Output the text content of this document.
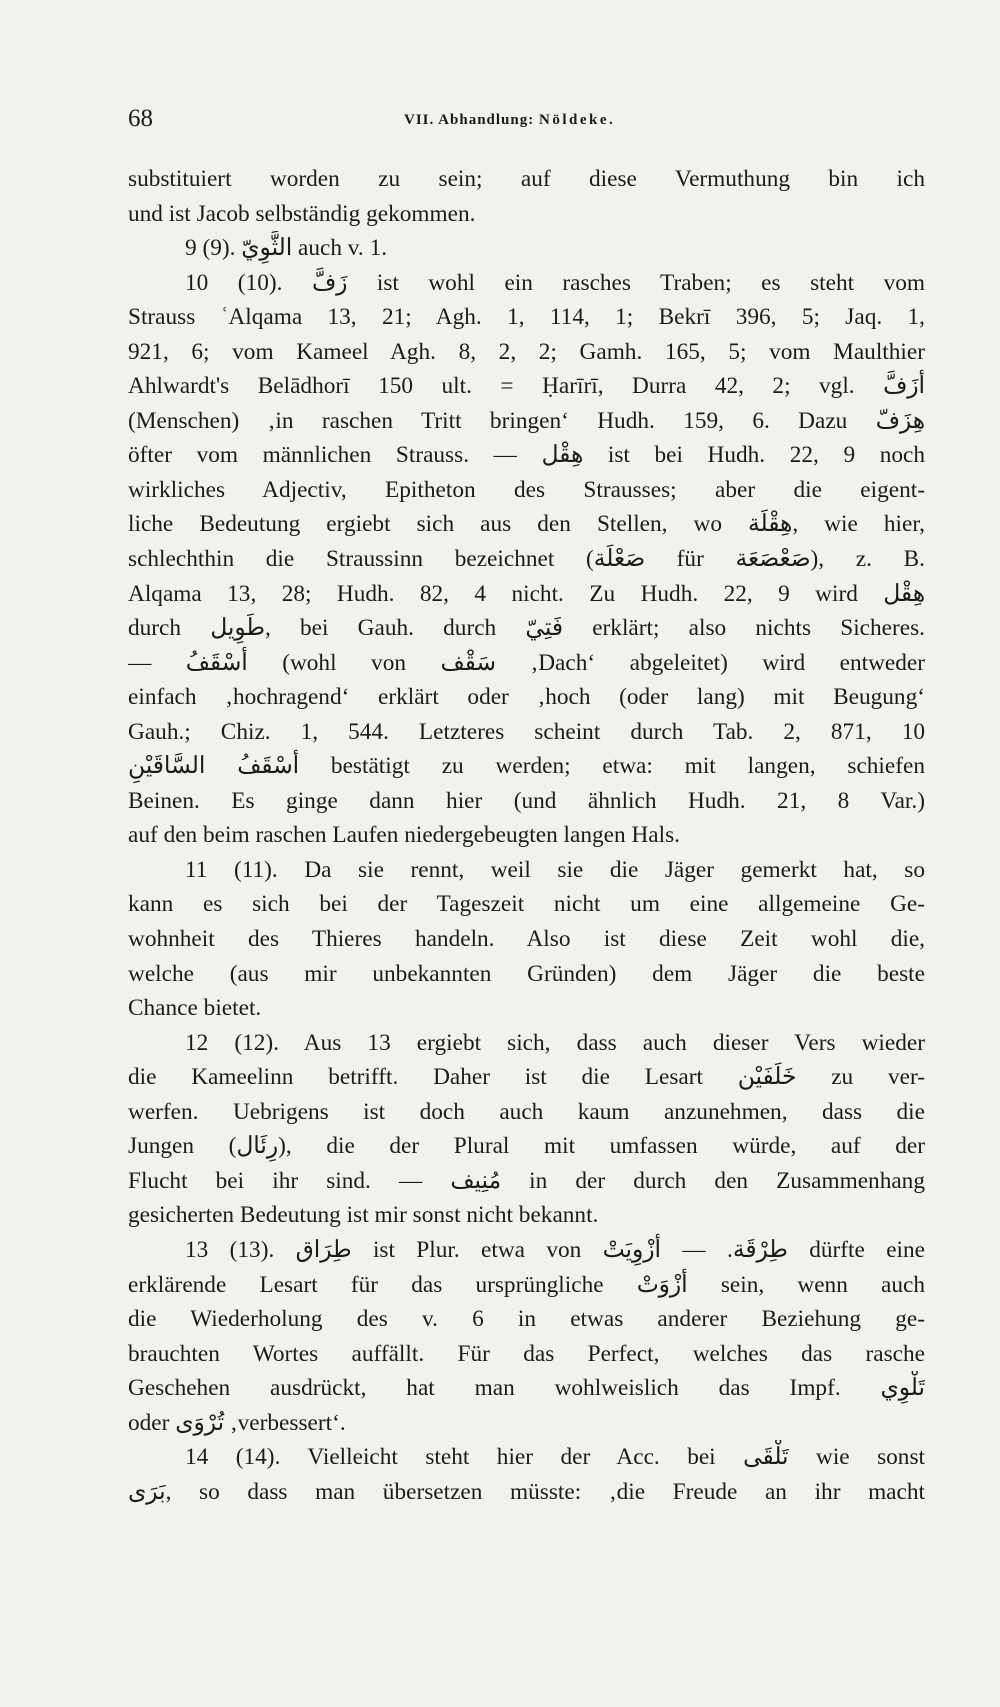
68	VII. Abhandlung: Nöldeke.
substituiert worden zu sein; auf diese Vermuthung bin ich
und ist Jacob selbständig gekommen.
9 (9). الثَّوِيّ auch v. 1.
10 (10). زَفَّ ist wohl ein rasches Traben; es steht vom
Strauss ʿAlqama 13, 21; Agh. 1, 114, 1; Bekrī 396, 5; Jaq. 1,
921, 6; vom Kameel Agh. 8, 2, 2; Gamh. 165, 5; vom Maulthier
Ahlwardt's Belādhorī 150 ult. = Ḥarīrī, Durra 42, 2; vgl. أَزَفَّ
(Menschen) ‚in raschen Tritt bringen‘ Hudh. 159, 6. Dazu هِزَفّ
öfter vom männlichen Strauss. — هِقْل ist bei Hudh. 22, 9 noch
wirkliches Adjectiv, Epitheton des Strausses; aber die eigent-
liche Bedeutung ergiebt sich aus den Stellen, wo هِقْلَة, wie hier,
schlechthin die Straussinn bezeichnet (صَعْلَة für صَعْصَعَة), z. B.
Alqama 13, 28; Hudh. 82, 4 nicht. Zu Hudh. 22, 9 wird هِقْل
durch طَوِيل, bei Gauh. durch فَتِيّ erklärt; also nichts Sicheres.
— أَسْقَفُ (wohl von سَقْف ‚Dach‘ abgeleitet) wird entweder
einfach ‚hochragend‘ erklärt oder ‚hoch (oder lang) mit Beugung‘
Gauh.; Chiz. 1, 544. Letzteres scheint durch Tab. 2, 871, 10
أَسْقَفُ السَّاقَيْنِ bestätigt zu werden; etwa: mit langen, schiefen
Beinen. Es ginge dann hier (und ähnlich Hudh. 21, 8 Var.)
auf den beim raschen Laufen niedergebeugten langen Hals.
11 (11). Da sie rennt, weil sie die Jäger gemerkt hat, so
kann es sich bei der Tageszeit nicht um eine allgemeine Ge-
wohnheit des Thieres handeln. Also ist diese Zeit wohl die,
welche (aus mir unbekannten Gründen) dem Jäger die beste
Chance bietet.
12 (12). Aus 13 ergiebt sich, dass auch dieser Vers wieder
die Kameelinn betrifft. Daher ist die Lesart خَلَفَيْن zu ver-
werfen. Uebrigens ist doch auch kaum anzunehmen, dass die
Jungen (رِئَال), die der Plural mit umfassen würde, auf der
Flucht bei ihr sind. — مُنِيف in der durch den Zusammenhang
gesicherten Bedeutung ist mir sonst nicht bekannt.
13 (13). طِرَاق ist Plur. etwa von طِرْقَة. — أُزْوِيَتْ dürfte eine
erklärende Lesart für das ursprüngliche أَزْوَتْ sein, wenn auch
die Wiederholung des v. 6 in etwas anderer Beziehung ge-
brauchten Wortes auffällt. Für das Perfect, welches das rasche
Geschehen ausdrückt, hat man wohlweislich das Impf. تَلْوِي
oder تُرْوَى ‚verbessert‘.
14 (14). Vielleicht steht hier der Acc. bei تَلْقَى wie sonst
بَرَى, so dass man übersetzen müsste: ‚die Freude an ihr macht
